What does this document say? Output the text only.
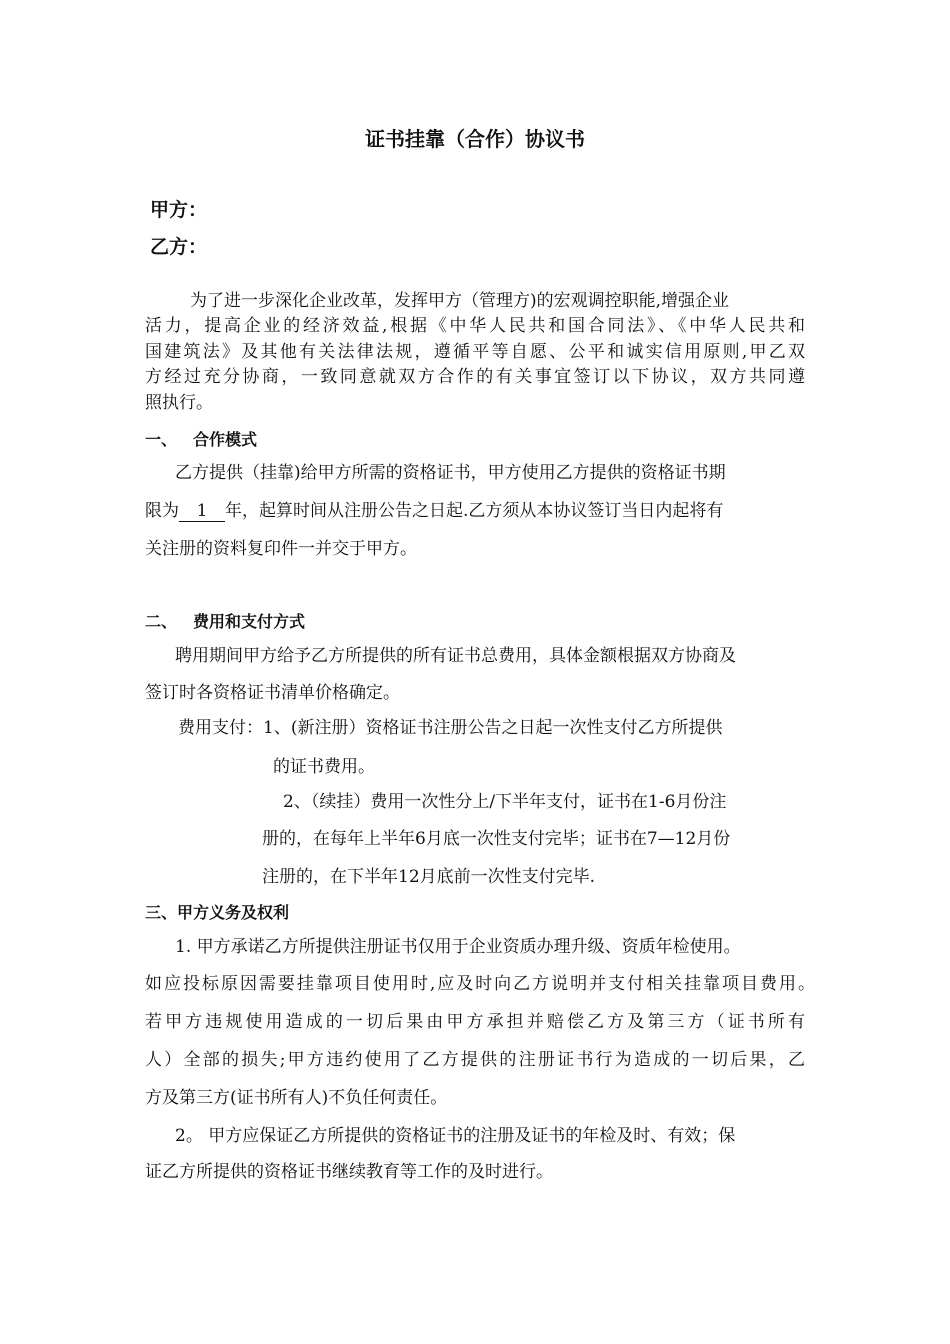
证书挂靠（合作）协议书
甲方：
乙方：
为了进一步深化企业改革，发挥甲方（管理方)的宏观调控职能,增强企业
活力，提高企业的经济效益,根据《中华人民共和国合同法》、《中华人民共和
国建筑法》及其他有关法律法规，遵循平等自愿、公平和诚实信用原则,甲乙双
方经过充分协商，一致同意就双方合作的有关事宜签订以下协议，双方共同遵
照执行。
一、 合作模式
乙方提供（挂靠)给甲方所需的资格证书，甲方使用乙方提供的资格证书期
限为 1 年，起算时间从注册公告之日起.乙方须从本协议签订当日内起将有
关注册的资料复印件一并交于甲方。
二、 费用和支付方式
聘用期间甲方给予乙方所提供的所有证书总费用，具体金额根据双方协商及
签订时各资格证书清单价格确定。
费用支付：1、(新注册）资格证书注册公告之日起一次性支付乙方所提供
的证书费用。
2、（续挂）费用一次性分上/下半年支付，证书在1-6月份注
册的，在每年上半年6月底一次性支付完毕；证书在7—12月份
注册的，在下半年12月底前一次性支付完毕.
三、甲方义务及权利
1. 甲方承诺乙方所提供注册证书仅用于企业资质办理升级、资质年检使用。
如应投标原因需要挂靠项目使用时,应及时向乙方说明并支付相关挂靠项目费用。
若甲方违规使用造成的一切后果由甲方承担并赔偿乙方及第三方（证书所有
人）全部的损失;甲方违约使用了乙方提供的注册证书行为造成的一切后果，乙
方及第三方(证书所有人)不负任何责任。
2。 甲方应保证乙方所提供的资格证书的注册及证书的年检及时、有效；保
证乙方所提供的资格证书继续教育等工作的及时进行。
